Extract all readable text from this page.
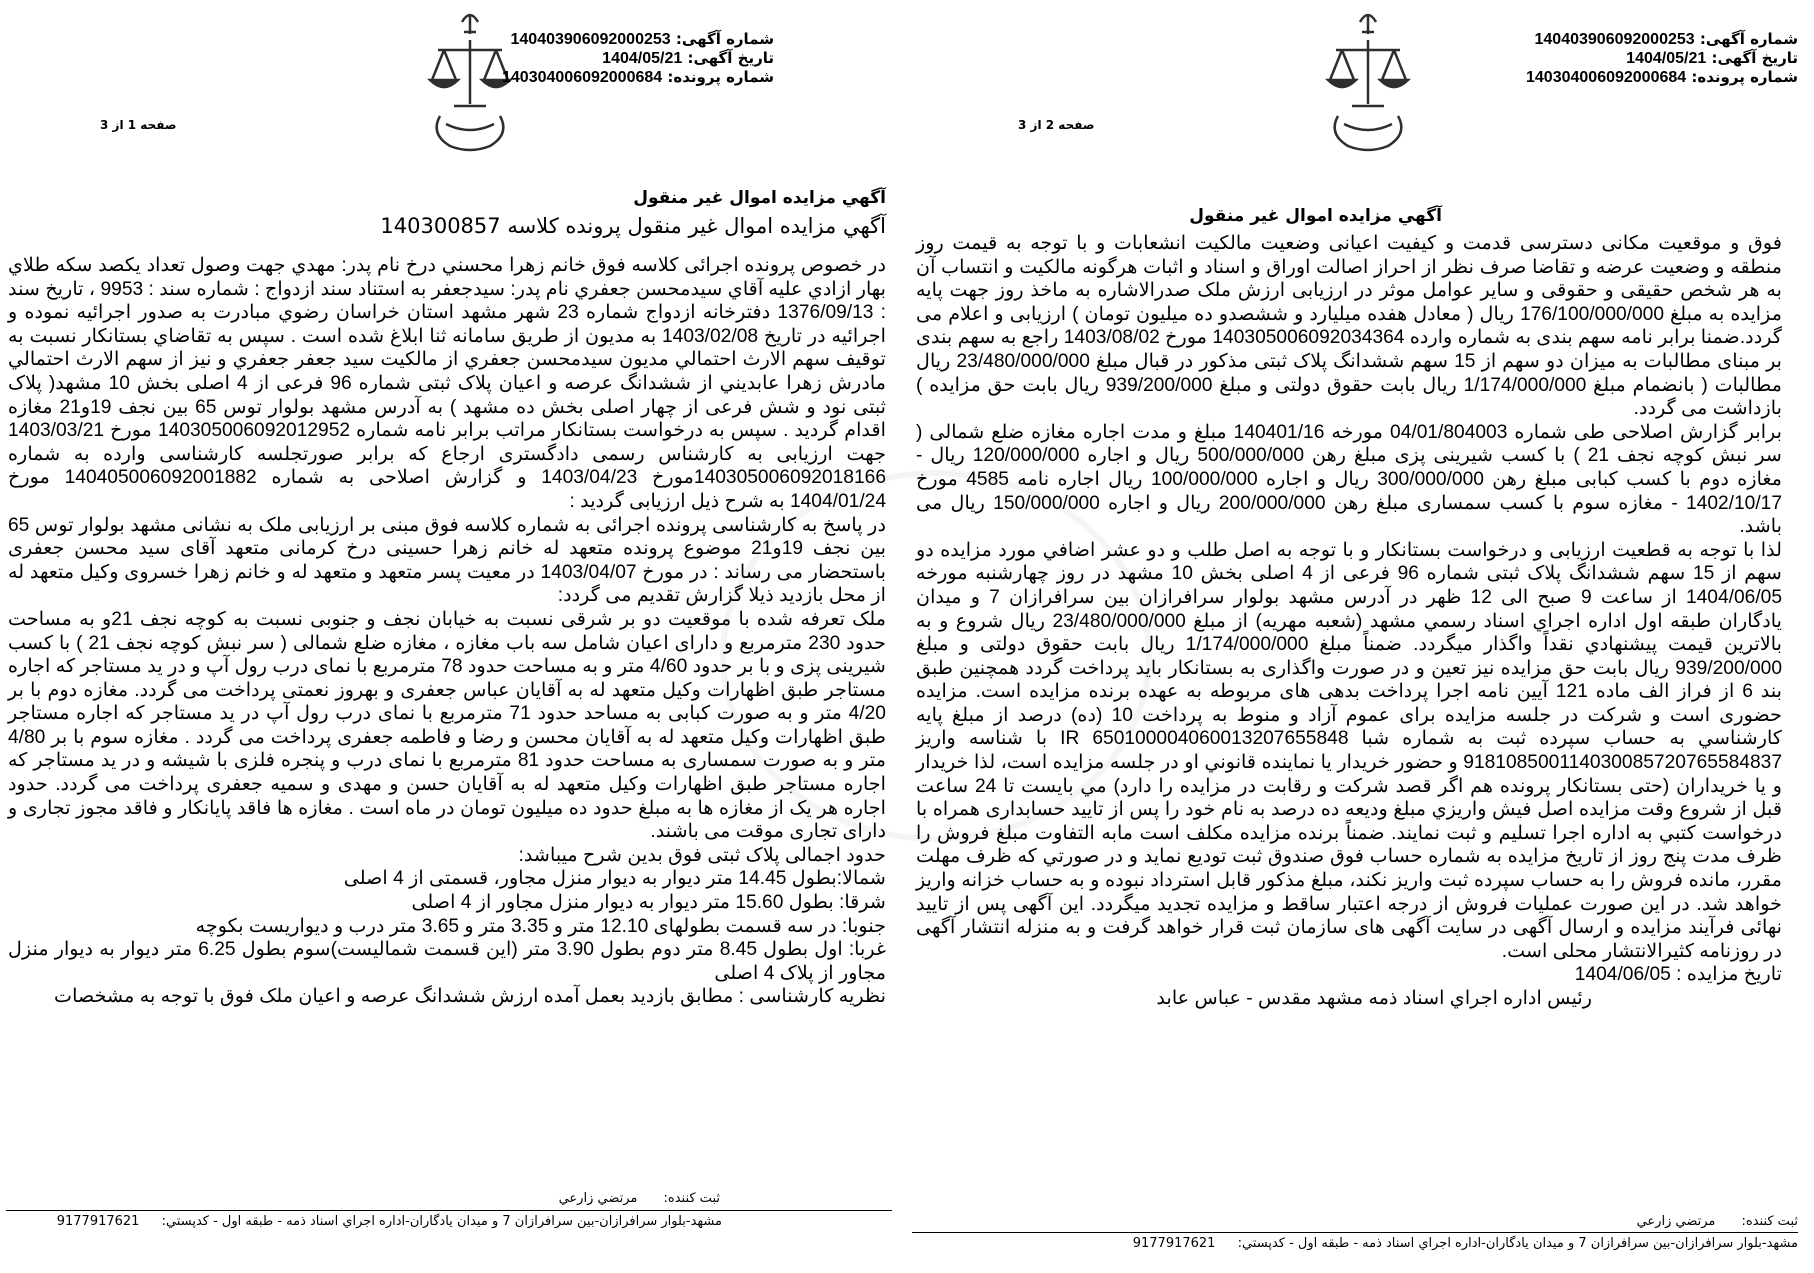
شماره آگهی: 140403906092000253
تاریخ آگهی: 1404/05/21
شماره پرونده: 140304006092000684
صفحه 2 از 3
آگهي مزايده اموال غير منقول

فوق و موقعیت مکانی دسترسی قدمت و کیفیت اعیانی وضعیت مالکیت انشعابات و با توجه به قیمت روز منطقه و وضعیت عرضه و تقاضا صرف نظر از احراز اصالت اوراق و اسناد و اثبات هرگونه مالکیت و انتساب آن به هر شخص حقیقی و حقوقی و سایر عوامل موثر در ارزیابی ارزش ملک صدرالاشاره به ماخذ روز جهت پایه مزایده به مبلغ 176/100/000/000 ریال ( معادل هفده میلیارد و ششصدو ده میلیون تومان ) ارزیابی و اعلام می گردد.ضمنا برابر نامه سهم بندی به شماره وارده 140305006092034364 مورخ 1403/08/02 راجع به سهم بندی بر مبنای مطالبات به میزان دو سهم از 15 سهم ششدانگ پلاک ثبتی مذکور در قبال مبلغ 23/480/000/000 ریال مطالبات ( بانضمام مبلغ 1/174/000/000 ریال بابت حقوق دولتی و مبلغ 939/200/000 ریال بابت حق مزایده ) بازداشت می گردد.

برابر گزارش اصلاحی طی شماره 04/01/804003 مورخه 140401/16 مبلغ و مدت اجاره مغازه ضلع شمالی ( سر نبش کوچه نجف 21 ) با کسب شیرینی پزی مبلغ رهن 500/000/000 ریال و اجاره 120/000/000 ریال - مغازه دوم با کسب کبابی مبلغ رهن 300/000/000 ریال و اجاره 100/000/000 ریال اجاره نامه 4585 مورخ 1402/10/17 - مغازه سوم با کسب سمساری مبلغ رهن 200/000/000 ریال و اجاره 150/000/000 ریال می باشد.

لذا با توجه به قطعیت ارزیابی و درخواست بستانکار و با توجه به اصل طلب و دو عشر اضافي مورد مزایده دو سهم از 15 سهم ششدانگ پلاک ثبتی شماره 96 فرعی از 4 اصلی بخش 10 مشهد در روز چهارشنبه مورخه 1404/06/05 از ساعت 9 صبح الی 12 ظهر در آدرس مشهد بولوار سرافرازان بین سرافرازان 7 و میدان یادگاران طبقه اول اداره اجراي اسناد رسمي مشهد (شعبه مهریه) از مبلغ 23/480/000/000 ریال شروع و به بالاترین قیمت پیشنهادي نقداً واگذار میگردد. ضمناً مبلغ 1/174/000/000 ریال بابت حقوق دولتی و مبلغ 939/200/000 ریال بابت حق مزایده نیز تعین و در صورت واگذاری به بستانکار باید پرداخت گردد همچنین طبق بند 6 از فراز الف ماده 121 آیین نامه اجرا پرداخت بدهی های مربوطه به عهده برنده مزایده است. مزایده حضوری است و شرکت در جلسه مزایده برای عموم آزاد و منوط به پرداخت 10 (ده) درصد از مبلغ پایه کارشناسي به حساب سپرده ثبت به شماره شبا IR 650100004060013207655848 با شناسه واریز 918108500114030085720765584837 و حضور خریدار یا نماینده قانوني او در جلسه مزایده است، لذا خریدار و یا خریداران (حتی بستانکار پرونده هم اگر قصد شرکت و رقابت در مزایده را دارد) مي بایست تا 24 ساعت قبل از شروع وقت مزایده اصل فیش واریزي مبلغ ودیعه ده درصد به نام خود را پس از تایید حسابداری همراه با درخواست کتبي به اداره اجرا تسلیم و ثبت نمایند. ضمناً برنده مزایده مکلف است مابه التفاوت مبلغ فروش را ظرف مدت پنج روز از تاریخ مزایده به شماره حساب فوق صندوق ثبت تودیع نماید و در صورتي که ظرف مهلت مقرر، مانده فروش را به حساب سپرده ثبت واریز نکند، مبلغ مذکور قابل استرداد نبوده و به حساب خزانه واریز خواهد شد. در این صورت عملیات فروش از درجه اعتبار ساقط و مزایده تجدید میگردد. این آگهی پس از تایید نهائی فرآیند مزایده و ارسال آگهی در سایت آگهی های سازمان ثبت قرار خواهد گرفت و به منزله انتشار آگهی در روزنامه کثیرالانتشار محلی است.

تاریخ مزایده : 1404/06/05

رئیس اداره اجراي اسناد ذمه مشهد مقدس - عباس عابد

ثبت کننده: مرتضي زارعي
مشهد-بلوار سرافرازان-بین سرافرازان 7 و میدان یادگاران-اداره اجراي اسناد ذمه - طبقه اول - کدپستي: 9177917621
شماره آگهی: 140403906092000253
تاریخ آگهی: 1404/05/21
شماره پرونده: 140304006092000684
صفحه 1 از 3
آگهي مزايده اموال غير منقول
آگهي مزايده اموال غير منقول پرونده كلاسه 140300857

در خصوص پرونده اجرائی کلاسه فوق خانم زهرا محسني درخ نام پدر: مهدي جهت وصول تعداد یکصد سکه طلاي بهار ازادي علیه آقاي سیدمحسن جعفري نام پدر: سیدجعفر به استناد سند ازدواج : شماره سند : 9953 ، تاریخ سند : 1376/09/13 دفترخانه ازدواج شماره 23 شهر مشهد استان خراسان رضوي مبادرت به صدور اجرائیه نموده و اجرائیه در تاریخ 1403/02/08 به مدیون از طریق سامانه ثنا ابلاغ شده است . سپس به تقاضاي بستانکار نسبت به توقیف سهم الارث احتمالي مدیون سیدمحسن جعفري از مالکیت سید جعفر جعفري و نیز از سهم الارث احتمالي مادرش زهرا عابديني از ششدانگ عرصه و اعیان پلاک ثبتی شماره 96 فرعی از 4 اصلی بخش 10 مشهد( پلاک ثبتی نود و شش فرعی از چهار اصلی بخش ده مشهد ) به آدرس مشهد بولوار توس 65 بین نجف 19و21 مغازه اقدام گردید . سپس به درخواست بستانکار مراتب برابر نامه شماره 140305006092012952 مورخ 1403/03/21 جهت ارزیابی به کارشناس رسمی دادگستری ارجاع که برابر صورتجلسه کارشناسی وارده به شماره 140305006092018166مورخ 1403/04/23 و گزارش اصلاحی به شماره 140405006092001882 مورخ 1404/01/24 به شرح ذیل ارزیابی گردید :

در پاسخ به کارشناسی پرونده اجرائی به شماره کلاسه فوق مبنی بر ارزیابی ملک به نشانی مشهد بولوار توس 65 بین نجف 19و21 موضوع پرونده متعهد له خانم زهرا حسینی درخ کرمانی متعهد آقای سید محسن جعفری باستحضار می رساند : در مورخ 1403/04/07 در معیت پسر متعهد و متعهد له و خانم زهرا خسروی وکیل متعهد له از محل بازدید ذیلا گزارش تقدیم می گردد:

ملک تعرفه شده با موقعیت دو بر شرقی نسبت به خیابان نجف و جنوبی نسبت به کوچه نجف 21و به مساحت حدود 230 مترمربع و دارای اعیان شامل سه باب مغازه ، مغازه ضلع شمالی ( سر نبش کوچه نجف 21 ) با کسب شیرینی پزی و با بر حدود 4/60 متر و به مساحت حدود 78 مترمربع با نمای درب رول آپ و در ید مستاجر که اجاره مستاجر طبق اظهارات وکیل متعهد له به آقایان عباس جعفری و بهروز نعمتی پرداخت می گردد. مغازه دوم با بر 4/20 متر و به صورت کبابی به مساحد حدود 71 مترمربع با نمای درب رول آپ در ید مستاجر که اجاره مستاجر طبق اظهارات وکیل متعهد له به آقایان محسن و رضا و فاطمه جعفری پرداخت می گردد . مغازه سوم با بر 4/80 متر و به صورت سمساری به مساحت حدود 81 مترمربع با نمای درب و پنجره فلزی با شیشه و در ید مستاجر که اجاره مستاجر طبق اظهارات وکیل متعهد له به آقایان حسن و مهدی و سمیه جعفری پرداخت می گردد. حدود اجاره هر یک از مغازه ها به مبلغ حدود ده میلیون تومان در ماه است . مغازه ها فاقد پایانکار و فاقد مجوز تجاری و دارای تجاری موقت می باشند.

حدود اجمالی پلاک ثبتی فوق بدین شرح میباشد:

شمالا:بطول 14.45 متر دیوار به دیوار منزل مجاور، قسمتی از 4 اصلی

شرقا: بطول 15.60 متر دیوار به دیوار منزل مجاور از 4 اصلی

جنوبا: در سه قسمت بطولهای 12.10 متر و 3.35 متر و 3.65 متر درب و دیواریست بکوچه

غربا: اول بطول 8.45 متر دوم بطول 3.90 متر (این قسمت شمالیست)سوم بطول 6.25 متر دیوار به دیوار منزل مجاور از پلاک 4 اصلی

نظریه کارشناسی : مطابق بازدید بعمل آمده ارزش ششدانگ عرصه و اعیان ملک فوق با توجه به مشخصات

ثبت کننده: مرتضي زارعي
مشهد-بلوار سرافرازان-بین سرافرازان 7 و میدان یادگاران-اداره اجراي اسناد ذمه - طبقه اول - کدپستي: 9177917621
